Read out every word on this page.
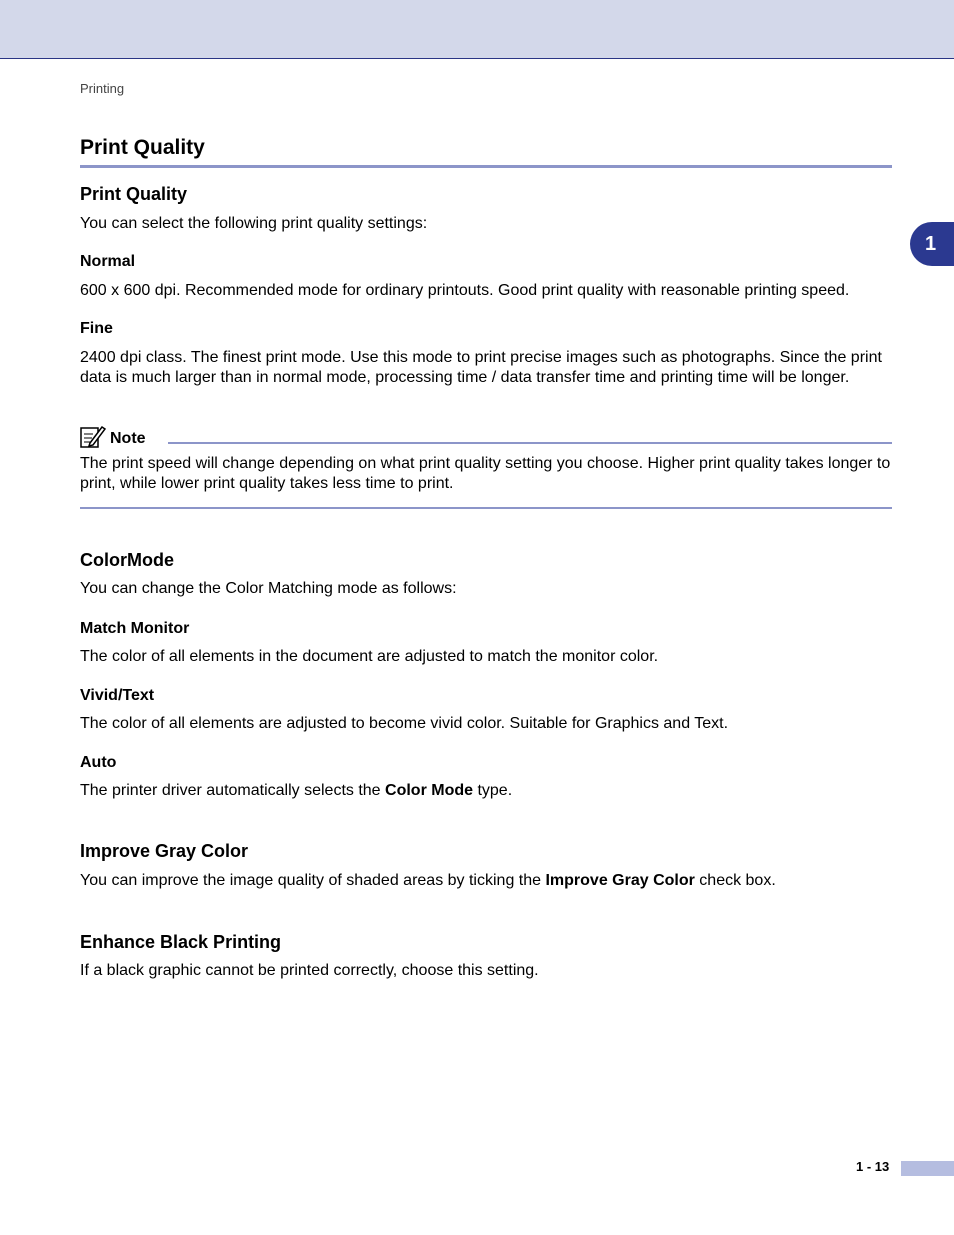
Printing
1
Print Quality
Print Quality
You can select the following print quality settings:
Normal
600 x 600 dpi. Recommended mode for ordinary printouts. Good print quality with reasonable printing speed.
Fine
2400 dpi class. The finest print mode. Use this mode to print precise images such as photographs. Since the print data is much larger than in normal mode, processing time / data transfer time and printing time will be longer.
Note
The print speed will change depending on what print quality setting you choose. Higher print quality takes longer to print, while lower print quality takes less time to print.
ColorMode
You can change the Color Matching mode as follows:
Match Monitor
The color of all elements in the document are adjusted to match the monitor color.
Vivid/Text
The color of all elements are adjusted to become vivid color. Suitable for Graphics and Text.
Auto
The printer driver automatically selects the Color Mode type.
Improve Gray Color
You can improve the image quality of shaded areas by ticking the Improve Gray Color check box.
Enhance Black Printing
If a black graphic cannot be printed correctly, choose this setting.
1 - 13
